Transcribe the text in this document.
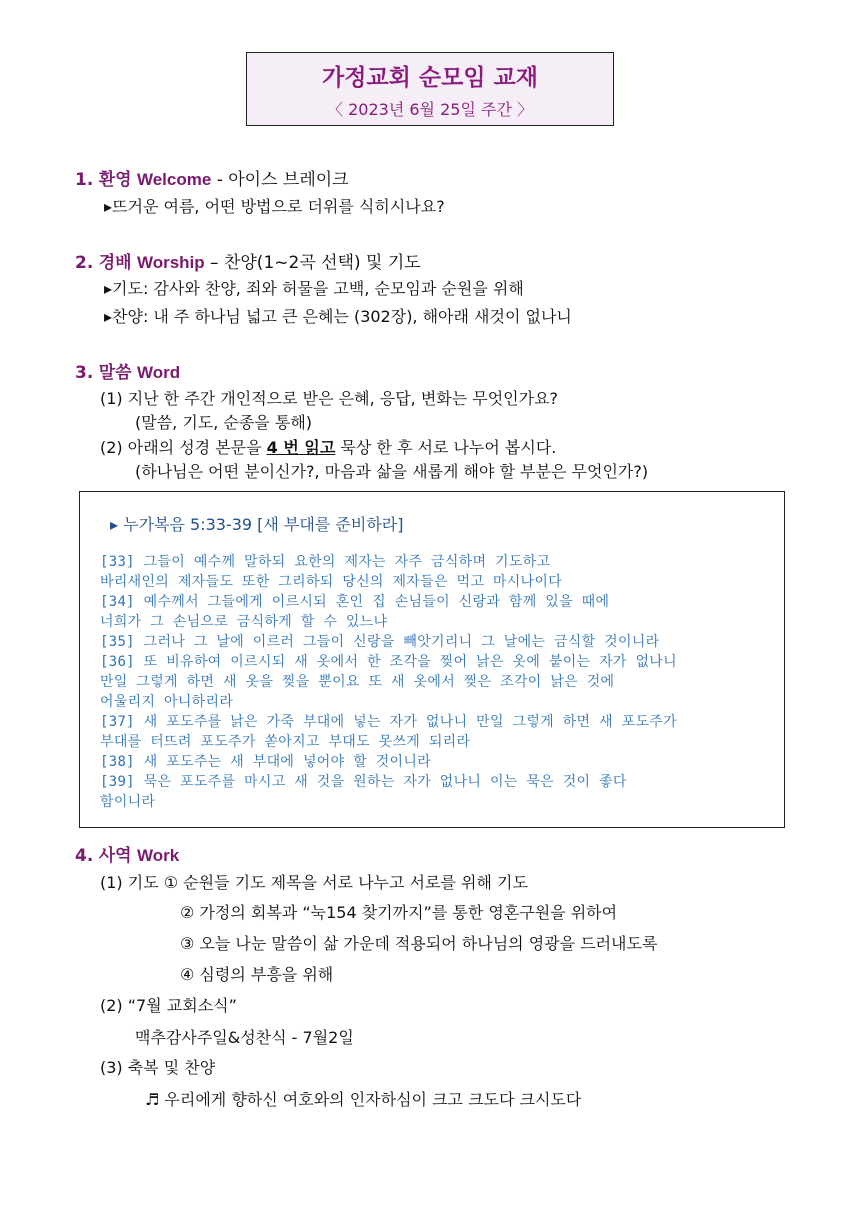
가정교회 순모임 교재
〈 2023년 6월 25일 주간 〉
1. 환영 Welcome - 아이스 브레이크
▸뜨거운 여름, 어떤 방법으로 더위를 식히시나요?
2. 경배 Worship – 찬양(1~2곡 선택) 및 기도
▸기도: 감사와 찬양, 죄와 허물을 고백, 순모임과 순원을 위해
▸찬양: 내 주 하나님 넓고 큰 은혜는 (302장), 해아래 새것이 없나니
3. 말씀 Word
(1) 지난 한 주간 개인적으로 받은 은혜, 응답, 변화는 무엇인가요?
(말씀, 기도, 순종을 통해)
(2) 아래의 성경 본문을 4 번 읽고 묵상 한 후 서로 나누어 봅시다.
(하나님은 어떤 분이신가?, 마음과 삶을 새롭게 해야 할 부분은 무엇인가?)
▸ 누가복음 5:33-39 [새 부대를 준비하라]
[33] 그들이 예수께 말하되 요한의 제자는 자주 금식하며 기도하고
바리새인의 제자들도 또한 그리하되 당신의 제자들은 먹고 마시나이다
[34] 예수께서 그들에게 이르시되 혼인 집 손님들이 신랑과 함께 있을 때에
너희가 그 손님으로 금식하게 할 수 있느냐
[35] 그러나 그 날에 이르러 그들이 신랑을 빼앗기리니 그 날에는 금식할 것이니라
[36] 또 비유하여 이르시되 새 옷에서 한 조각을 찢어 낡은 옷에 붙이는 자가 없나니
만일 그렇게 하면 새 옷을 찢을 뿐이요 또 새 옷에서 찢은 조각이 낡은 것에
어울리지 아니하리라
[37] 새 포도주를 낡은 가죽 부대에 넣는 자가 없나니 만일 그렇게 하면 새 포도주가
부대를 터뜨려 포도주가 쏟아지고 부대도 못쓰게 되리라
[38] 새 포도주는 새 부대에 넣어야 할 것이니라
[39] 묵은 포도주를 마시고 새 것을 원하는 자가 없나니 이는 묵은 것이 좋다
함이니라
4. 사역 Work
(1) 기도 ① 순원들 기도 제목을 서로 나누고 서로를 위해 기도
② 가정의 회복과 “눅154 찾기까지”를 통한 영혼구원을 위하여
③ 오늘 나눈 말씀이 삶 가운데 적용되어 하나님의 영광을 드러내도록
④ 심령의 부흥을 위해
(2) “7월 교회소식”
맥추감사주일&성찬식 - 7월2일
(3) 축복 및 찬양
♬ 우리에게 향하신 여호와의 인자하심이 크고 크도다 크시도다
